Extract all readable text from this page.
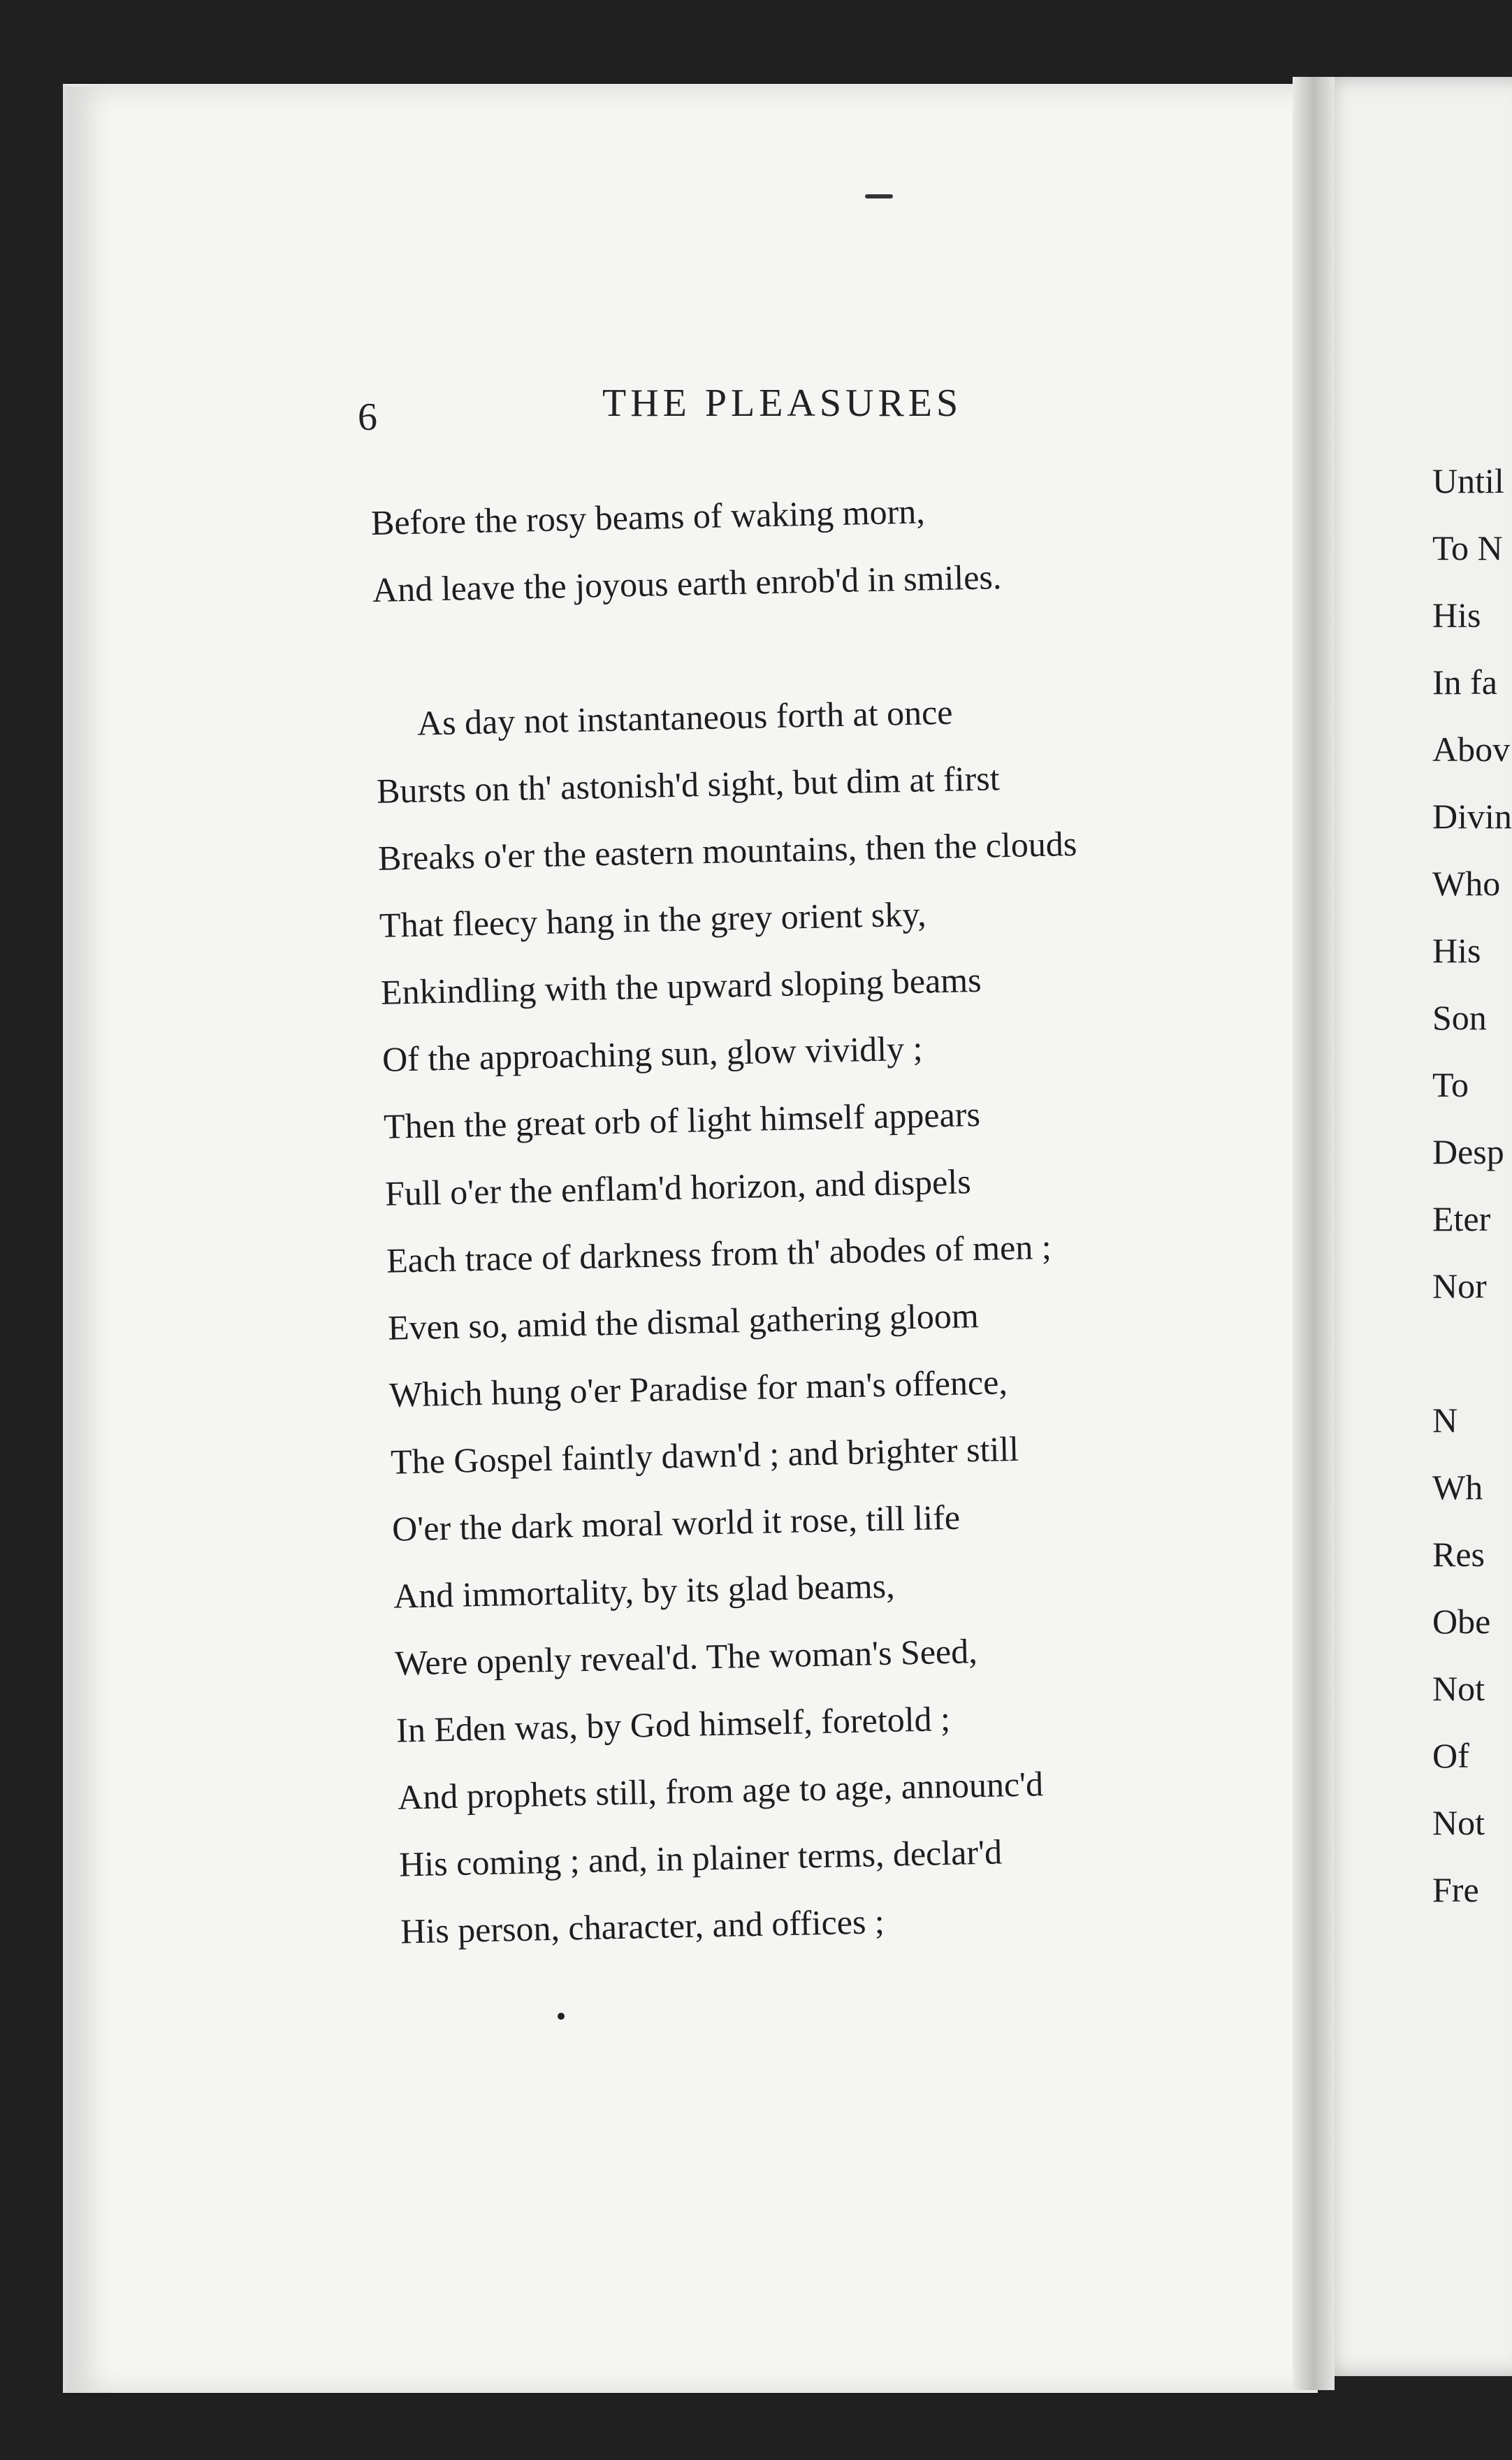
6	THE PLEASURES
Before the rosy beams of waking morn,
And leave the joyous earth enrob'd in smiles.
As day not instantaneous forth at once
Bursts on th' astonish'd sight, but dim at first
Breaks o'er the eastern mountains, then the clouds
That fleecy hang in the grey orient sky,
Enkindling with the upward sloping beams
Of the approaching sun, glow vividly ;
Then the great orb of light himself appears
Full o'er the enflam'd horizon, and dispels
Each trace of darkness from th' abodes of men ;
Even so, amid the dismal gathering gloom
Which hung o'er Paradise for man's offence,
The Gospel faintly dawn'd ; and brighter still
O'er the dark moral world it rose, till life
And immortality, by its glad beams,
Were openly reveal'd. The woman's Seed,
In Eden was, by God himself, foretold ;
And prophets still, from age to age, announc'd
His coming ; and, in plainer terms, declar'd
His person, character, and offices ;
Until
To N
His
In fa
Abov
Divin
Who
His
Son
To
Desp
Eter
Nor
N
Wh
Res
Obe
Not
Of
Not
Fre
